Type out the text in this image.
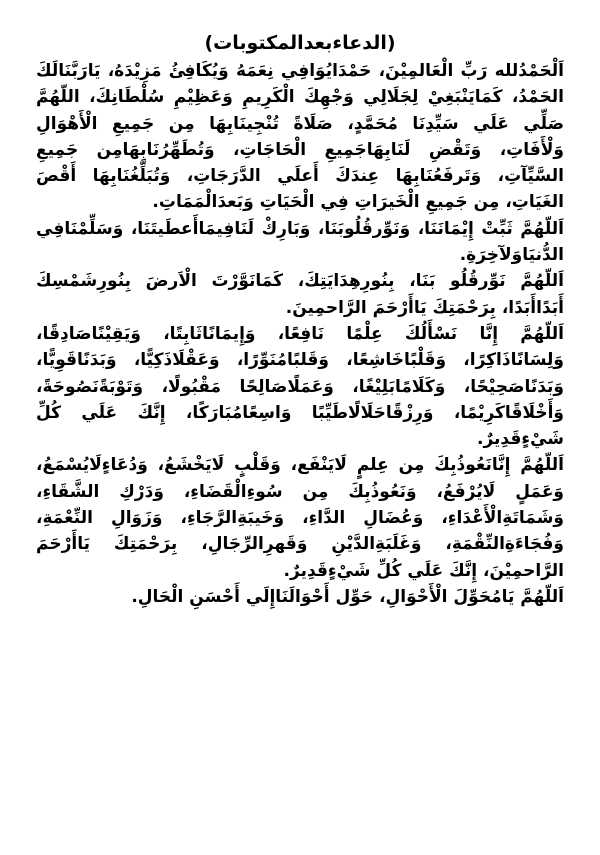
(الدعاءبعدالمكتوبات)

اَلْحَمْدُلله رَبِّ الْعَالمِيْنَ، حَمْدَايُوَافِي نِعَمَهُ وَيُكَافِئُ مَزِيْدَهُ، يَارَبَّنَالَكَ الحَمْدُ، كَمَايَنْبَغِيْ لِجَلَالِي وَجْهِكَ الْكَرِيمِ وَعَظِيْمِ سُلْطَانِكَ، اللّهُمَّ صَلِّي عَلَي سَيِّدِنَا مُحَمَّدٍ، صَلَاةً تُنْجِينَابِهَا مِن جَمِيعِ الْأَهْوَالِ وَلْأَفَاتِ، وَتَقْضِ لَنَابِهَاجَمِيعِ الْحَاجَاتِ، وَتُطَهِّرُنَابِهَامِن جَمِيعِ السَّيِّآتِ، وَتَرفَعُنَابِهَا عِندَكَ أَعلَي الدَّرَجَاتِ، وَتُبَلِّغُنَابِهَا أَقْصَ الغَيَاتِ، مِن جَمِيعِ الْخَيرَاتِ فِي الْحَيَاتِ وَبَعدَالْمَمَاتِ.

اَللّهُمَّ ثَبِّتْ إِيْمَانَنَا، وَنَوِّرقُلُوبَنَا، وَبَارِكْ لَنَافِيمَاأَعطَيتَنَا، وَسَلِّمْنَافِي الدُّنيَاوَلآخِرَةِ.

اَللّهُمَّ نَوِّرقُلُو بَنَا، بِنُورِهِدَايَتِكَ، كَمَانَوَّرْتَ الْاَرضَ بِنُورِشَمْسِكَ أَبَدًاأَبَدًا، بِرَحْمَتِكَ يَاأَرْحَمَ الرَّاحمِينَ.

اَللّهُمَّ إِنَّا نَسْأَلُكَ عِلْمًا نَافِعًا، وَإِيمَانًاثَابِتًا، وَيَقِيْنًاصَادِقًا، وَلِسَانًاذَاكِرًا، وَقَلْبًاخَاشِعًا، وَقَلبًامُنَوِّرًا، وَعَقْلَاذَكِيًّا، وَبَدَنًاقَوِيًّا، وَبَدَنًاصَحِيْحًا، وَكَلَامًابَلِيْغًا، وَعَمَلًاصَالِحًا مَقْبُولًا، وَتَوْبَةًنَصُوحَةً، وَأَخْلَاقًاكَرِيْمًا، وَرِزْقًاحَلَالًاطَيِّبًا وَاسِعًامُبَارَكًا، إِنَّكَ عَلَي كُلِّ شَيْءٍقَدِيرٌ.

اَللّهُمَّ إِنَّانَعُوذُبِكَ مِن عِلمٍ لَايَنْفَع، وَقَلْبٍ لَايَخْشَعُ، وَدُعَاءٍلَايُسْمَعُ، وَعَمَلٍ لَايُرْفَعُ، وَنَعُوذُبِكَ مِن سُوءِالْقَضَاءِ، وَدَرْكِ الشَّقَاءِ، وَشَمَاتَةِالْأَعْدَاءِ، وَعُضَالِ الدَّاءِ، وَخَيبَةِالرَّجَاءِ، وَزَوَالِ النِّعْمَةِ، وَفُجَاءَةِالنِّقْمَةِ، وَغَلَبَةِالدَّيْنِ وَقَهرِالرِّجَالِ، بِرَحْمَتِكَ يَاأَرْحَمَ الرَّاحمِيْنَ، إِنَّكَ عَلَي كُلِّ شَيْءٍقَدِيرٌ.

اَللّهُمَّ يَامُحَوِّلَ الْأَحْوَالِ، حَوِّل أَحْوَالَنَاإِلَي أَحْسَنِ الْحَالِ.
